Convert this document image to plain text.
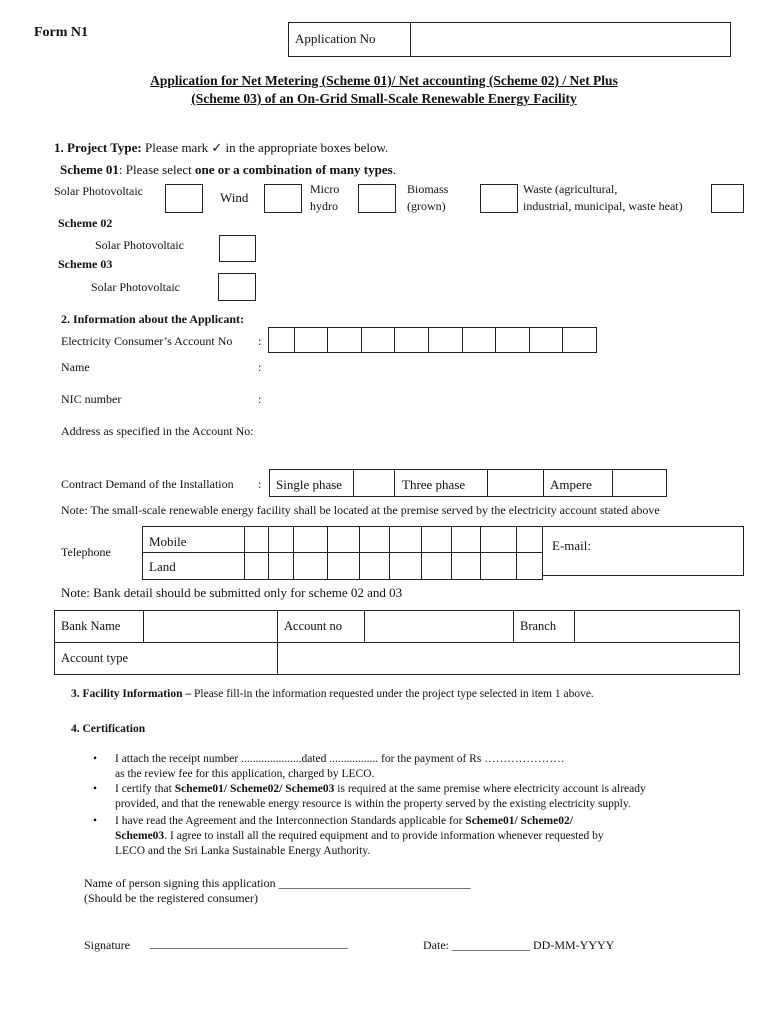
Form N1	Application No
Application for Net Metering (Scheme 01)/ Net accounting (Scheme 02) / Net Plus
(Scheme 03) of an On-Grid Small-Scale Renewable Energy Facility
1. Project Type: Please mark ✓ in the appropriate boxes below.
Scheme 01: Please select one or a combination of many types.
Solar Photovoltaic	Wind
Micro
hydro
Biomass
(grown)
Waste (agricultural,
industrial, municipal, waste heat)
Scheme 02
Solar Photovoltaic
Scheme 03
Solar Photovoltaic
2. Information about the Applicant:
Electricity Consumer’s Account No :
Name	:
NIC number	:
Address as specified in the Account No:
Contract Demand of the Installation : Single phase	Three phase	Ampere
Note: The small-scale renewable energy facility shall be located at the premise served by the electricity account stated above
Telephone
Mobile
Land
E-mail:
Note: Bank detail should be submitted only for scheme 02 and 03
Bank Name		Account no		Branch	
Account type					
3. Facility Information – Please fill-in the information requested under the project type selected in item 1 above.
4. Certification
• I attach the receipt number .....................dated ................. for the payment of Rs …………………
as the review fee for this application, charged by LECO.
• I certify that Scheme01/ Scheme02/ Scheme03 is required at the same premise where electricity account is already
provided, and that the renewable energy resource is within the property served by the existing electricity supply.
• I have read the Agreement and the Interconnection Standards applicable for Scheme01/ Scheme02/
Scheme03. I agree to install all the required equipment and to provide information whenever requested by
LECO and the Sri Lanka Sustainable Energy Authority.
Name of person signing this application ________________________________
(Should be the registered consumer)
Signature _________________________________	Date: _____________ DD-MM-YYYY
